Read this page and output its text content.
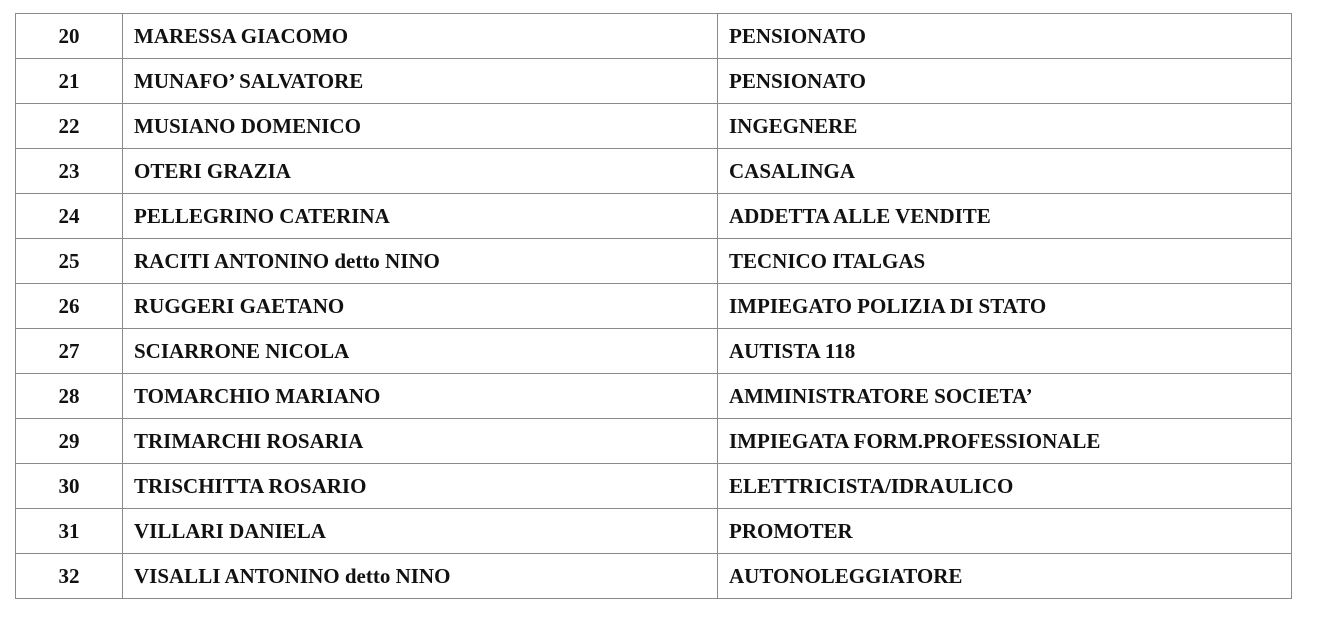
20	MARESSA GIACOMO	PENSIONATO
21	MUNAFO’ SALVATORE	PENSIONATO
22	MUSIANO DOMENICO	INGEGNERE
23	OTERI GRAZIA	CASALINGA
24	PELLEGRINO CATERINA	ADDETTA ALLE VENDITE
25	RACITI ANTONINO detto NINO	TECNICO ITALGAS
26	RUGGERI GAETANO	IMPIEGATO POLIZIA DI STATO
27	SCIARRONE NICOLA	AUTISTA 118
28	TOMARCHIO MARIANO	AMMINISTRATORE SOCIETA’
29	TRIMARCHI ROSARIA	IMPIEGATA FORM.PROFESSIONALE
30	TRISCHITTA ROSARIO	ELETTRICISTA/IDRAULICO
31	VILLARI DANIELA	PROMOTER
32	VISALLI ANTONINO detto NINO	AUTONOLEGGIATORE
